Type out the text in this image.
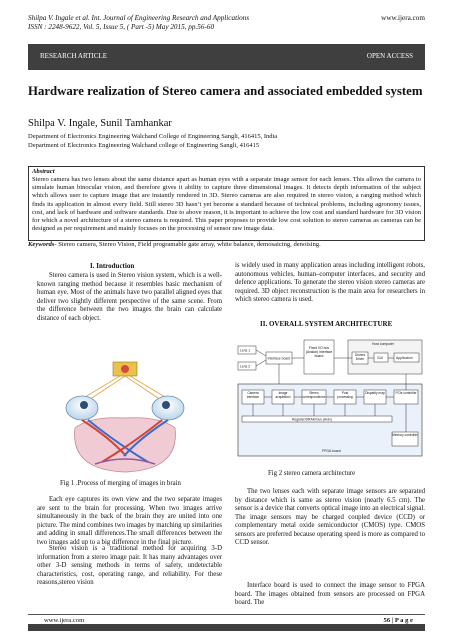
Shilpa V. Ingale et al. Int. Journal of Engineering Research and Applications
ISSN : 2248-9622, Vol. 5, Issue 5, ( Part -5) May 2015, pp.56-60
www.ijera.com
RESEARCH ARTICLE	OPEN ACCESS
Hardware realization of Stereo camera and associated embedded system
Shilpa V. Ingale, Sunil Tamhankar
Department of Electronics Engineering Walchand College of Engineering Sangli, 416415, India
Department of Electronics Engineering Walchand college of Engineering Sangli, 416415
Abstract
Stereo camera has two lenses about the same distance apart as human eyes with a separate image sensor for each lenses. This allows the camera to simulate human binocular vision, and therefore gives it ability to capture three dimensional images. It detects depth information of the subject which allows user to capture image that are instantly rendered in 3D. Stereo cameras are also required in stereo vision, a ranging method which finds its application in almost every field. Still stereo 3D hasn’t yet become a standard because of technical problems, including agronomy issues, cost, and lack of hardware and software standards. Due to above reason, it is important to achieve the low cost and standard hardware for 3D vision for which a novel architecture of a stereo camera is required. This paper proposes to provide low cost solution to stereo cameras as cameras can be designed as per requirement and mainly focuses on the processing of sensor raw image data.
Keywords- Stereo camera, Stereo Vision, Field programable gate array, white balance, demosaicing, denoising.
I. Introduction
Stereo camera is used in Stereo vision system, which is a well-known ranging method because it resembles basic mechanism of human eye. Most of the animals have two parallel aligned eyes that deliver two slightly different perspective of the same scene. From the difference between the two images the brain can calculate distance of each object.
Fig 1 .Process of merging of images in brain
Each eye captures its own view and the two separate images are sent to the brain for processing. When two images arrive simultaneously in the back of the brain they are united into one picture. The mind combines two images by matching up similarities and adding in small differences.The small differences between the two images add up to a big difference in the final picture.
Stereo vision is a traditional method for acquiring 3-D information from a stereo image pair. It has many advantages over other 3-D sensing methods in terms of safety, undetectable characteristics, cost, operating range, and reliability. For these reasons,stereo vision
is widely used in many application areas including intelligent robots, autonomous vehicles, human–computer interfaces, and security and defence applications. To generate the stereo vision stereo cameras are required. 3D object reconstruction is the main area for researchers in which stereo camera is used.
II. OVERALL SYSTEM ARCHITECTURE
Lens 1
Lens 2
Interface board
Fixed I/O bus (Avalon) interface board
Host computer
Drivers Driver	GUI	Application
FPGA board
Camera interface
Image acquisition
Stereo correspondence
Post processing
Disparity map	PCIe controller
Register/DRAM bus (Avln)
Memory controller
Fig 2 stereo camera architecture
The two lenses each with separate image sensors are separated by distance which is same as stereo vision (nearly 6.5 cm). The sensor is a device that converts optical image into an electrical signal. The image sensors may be charged coupled device (CCD) or complementary metal oxide semiconductor (CMOS) type. CMOS sensors are preferred because operating speed is more as compared to CCD sensor.
Interface board is used to connect the image sensor to FPGA board. The images obtained from sensors are processed on FPGA board. The
www.ijera.com	56 | P a g e
